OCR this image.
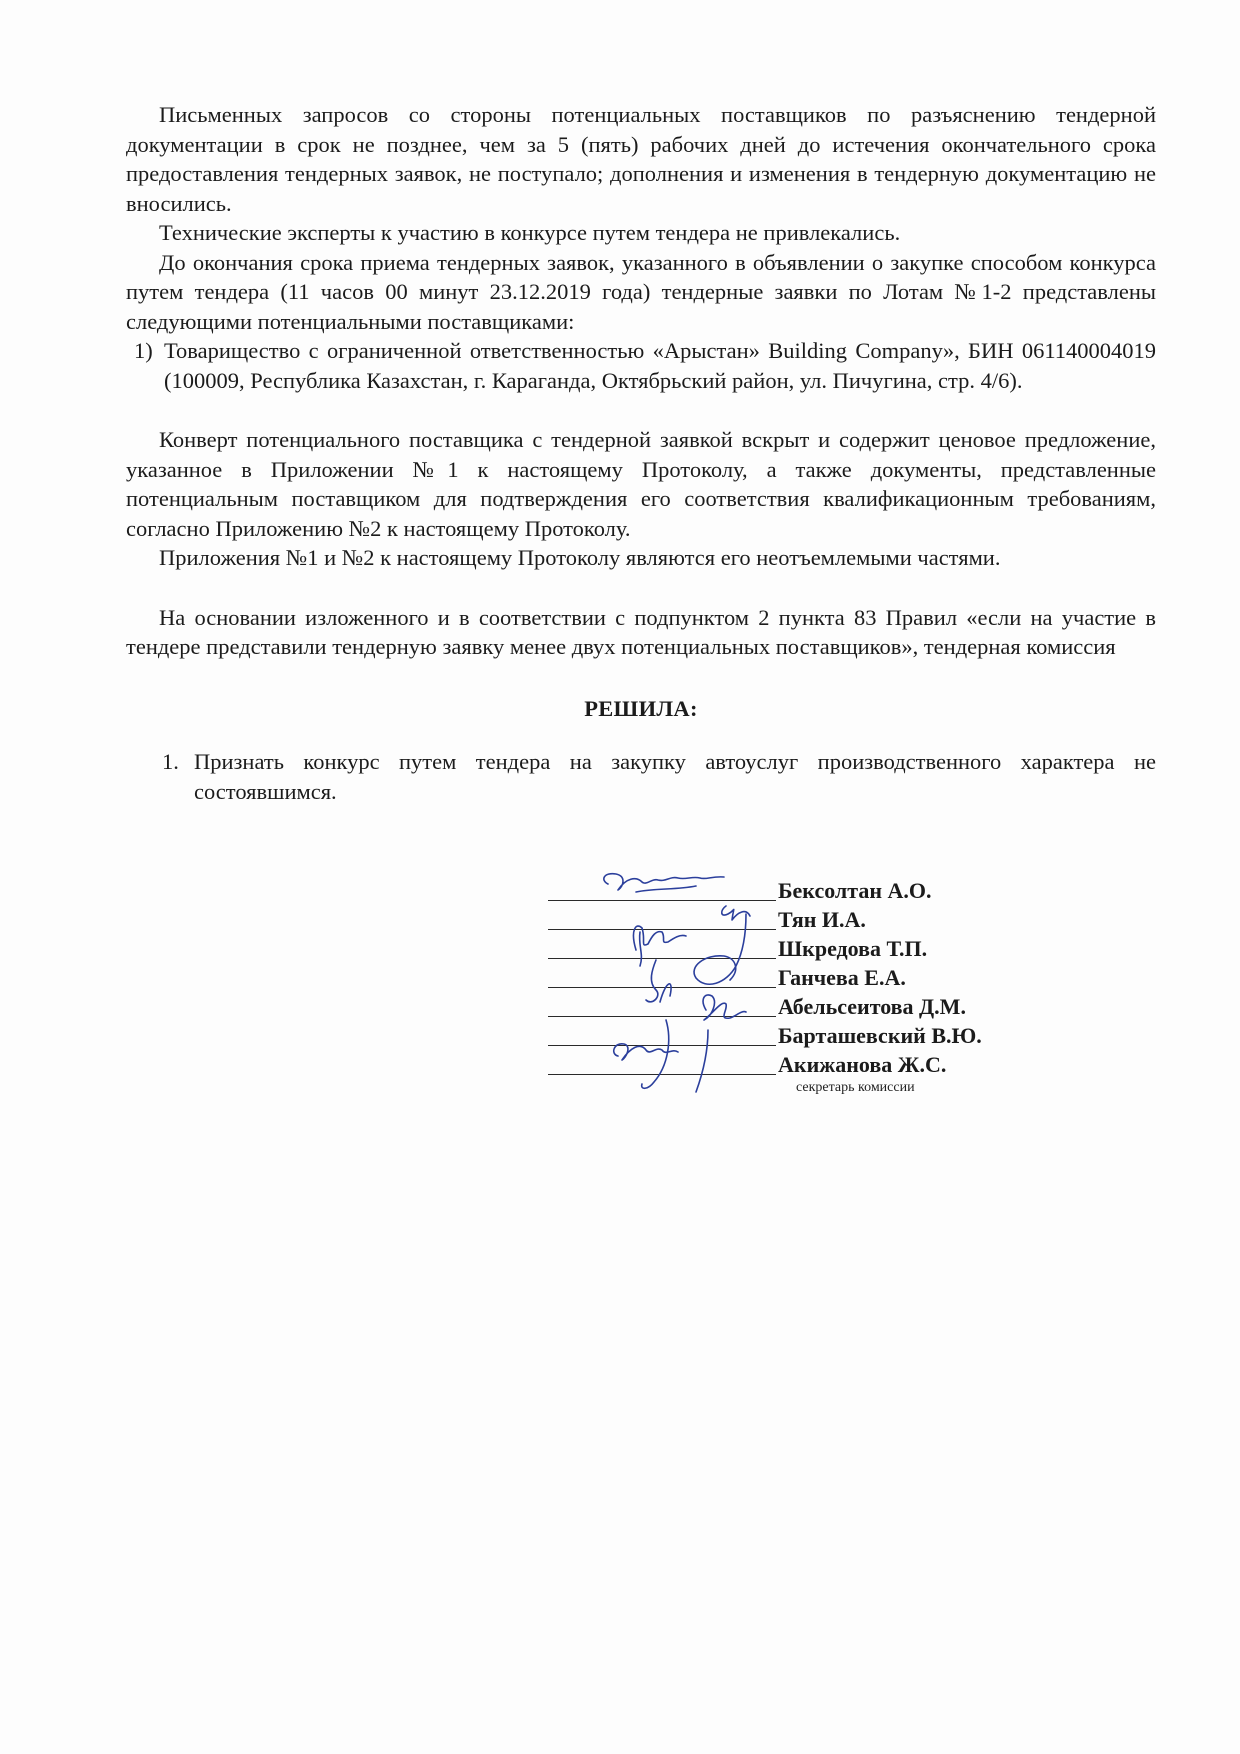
Письменных запросов со стороны потенциальных поставщиков по разъяснению тендерной документации в срок не позднее, чем за 5 (пять) рабочих дней до истечения окончательного срока предоставления тендерных заявок, не поступало; дополнения и изменения в тендерную документацию не вносились.

Технические эксперты к участию в конкурсе путем тендера не привлекались.

До окончания срока приема тендерных заявок, указанного в объявлении о закупке способом конкурса путем тендера (11 часов 00 минут 23.12.2019 года) тендерные заявки по Лотам №1-2 представлены следующими потенциальными поставщиками:

1) Товарищество с ограниченной ответственностью «Арыстан» Building Company», БИН 061140004019 (100009, Республика Казахстан, г. Караганда, Октябрьский район, ул. Пичугина, стр. 4/6).

Конверт потенциального поставщика с тендерной заявкой вскрыт и содержит ценовое предложение, указанное в Приложении №1 к настоящему Протоколу, а также документы, представленные потенциальным поставщиком для подтверждения его соответствия квалификационным требованиям, согласно Приложению №2 к настоящему Протоколу.

Приложения №1 и №2 к настоящему Протоколу являются его неотъемлемыми частями.

На основании изложенного и в соответствии с подпунктом 2 пункта 83 Правил «если на участие в тендере представили тендерную заявку менее двух потенциальных поставщиков», тендерная комиссия

РЕШИЛА:
1. Признать конкурс путем тендера на закупку автоуслуг производственного характера не состоявшимся.
Бексолтан А.О.
Тян И.А.
Шкредова Т.П.
Ганчева Е.А.
Абельсеитова Д.М.
Барташевский В.Ю.
Акижанова Ж.С.
секретарь комиссии
